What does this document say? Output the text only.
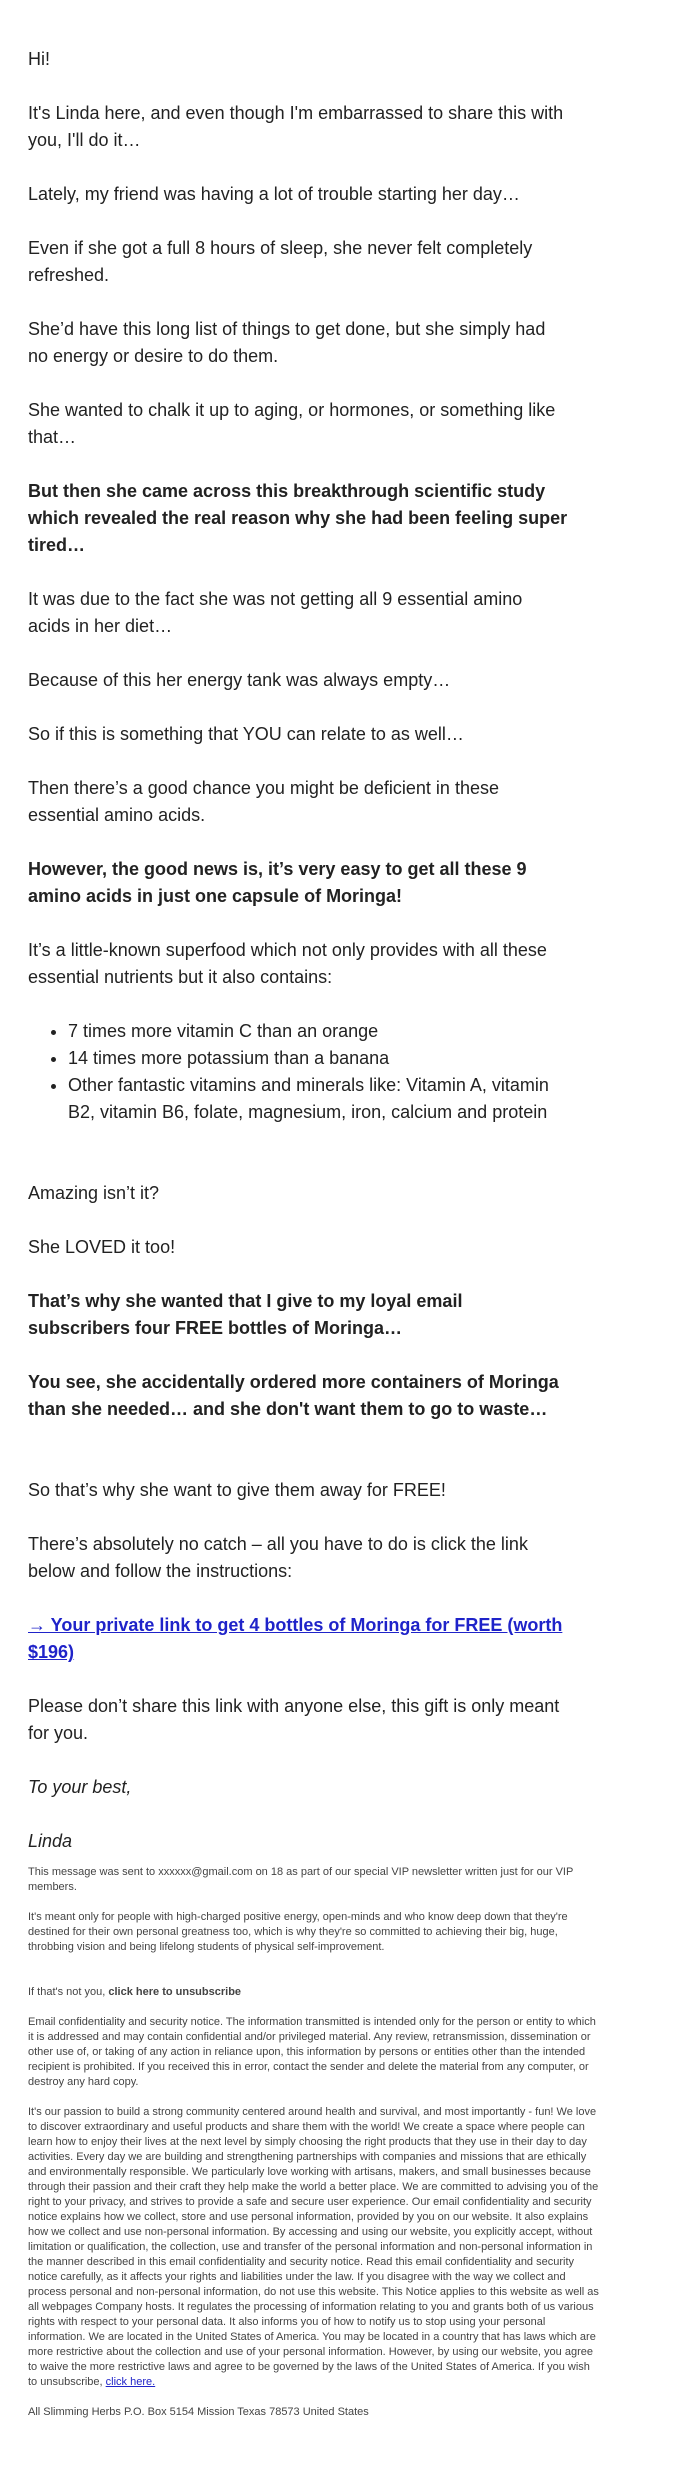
Hi!

It's Linda here, and even though I'm embarrassed to share this with you, I'll do it…

Lately, my friend was having a lot of trouble starting her day…

Even if she got a full 8 hours of sleep, she never felt completely refreshed.

She’d have this long list of things to get done, but she simply had no energy or desire to do them.

She wanted to chalk it up to aging, or hormones, or something like that…

But then she came across this breakthrough scientific study which revealed the real reason why she had been feeling super tired…

It was due to the fact she was not getting all 9 essential amino acids in her diet…

Because of this her energy tank was always empty…

So if this is something that YOU can relate to as well…

Then there’s a good chance you might be deficient in these essential amino acids.

However, the good news is, it’s very easy to get all these 9 amino acids in just one capsule of Moringa!

It’s a little-known superfood which not only provides with all these essential nutrients but it also contains:

• 7 times more vitamin C than an orange
• 14 times more potassium than a banana
• Other fantastic vitamins and minerals like: Vitamin A, vitamin B2, vitamin B6, folate, magnesium, iron, calcium and protein

Amazing isn’t it?

She LOVED it too!

That’s why she wanted that I give to my loyal email subscribers four FREE bottles of Moringa…

You see, she accidentally ordered more containers of Moringa than she needed… and she don't want them to go to waste…

So that’s why she want to give them away for FREE!

There’s absolutely no catch – all you have to do is click the link below and follow the instructions:

→ Your private link to get 4 bottles of Moringa for FREE (worth $196)

Please don’t share this link with anyone else, this gift is only meant for you.

To your best,

Linda

This message was sent to xxxxxx@gmail.com on 18 as part of our special VIP newsletter written just for our VIP members.

It's meant only for people with high-charged positive energy, open-minds and who know deep down that they're destined for their own personal greatness too, which is why they're so committed to achieving their big, huge, throbbing vision and being lifelong students of physical self-improvement.

If that's not you, click here to unsubscribe

Email confidentiality and security notice. The information transmitted is intended only for the person or entity to which it is addressed and may contain confidential and/or privileged material. Any review, retransmission, dissemination or other use of, or taking of any action in reliance upon, this information by persons or entities other than the intended recipient is prohibited. If you received this in error, contact the sender and delete the material from any computer, or destroy any hard copy.

It's our passion to build a strong community centered around health and survival, and most importantly - fun! We love to discover extraordinary and useful products and share them with the world! We create a space where people can learn how to enjoy their lives at the next level by simply choosing the right products that they use in their day to day activities. Every day we are building and strengthening partnerships with companies and missions that are ethically and environmentally responsible. We particularly love working with artisans, makers, and small businesses because through their passion and their craft they help make the world a better place. We are committed to advising you of the right to your privacy, and strives to provide a safe and secure user experience. Our email confidentiality and security notice explains how we collect, store and use personal information, provided by you on our website. It also explains how we collect and use non-personal information. By accessing and using our website, you explicitly accept, without limitation or qualification, the collection, use and transfer of the personal information and non-personal information in the manner described in this email confidentiality and security notice. Read this email confidentiality and security notice carefully, as it affects your rights and liabilities under the law. If you disagree with the way we collect and process personal and non-personal information, do not use this website. This Notice applies to this website as well as all webpages Company hosts. It regulates the processing of information relating to you and grants both of us various rights with respect to your personal data. It also informs you of how to notify us to stop using your personal information. We are located in the United States of America. You may be located in a country that has laws which are more restrictive about the collection and use of your personal information. However, by using our website, you agree to waive the more restrictive laws and agree to be governed by the laws of the United States of America. If you wish to unsubscribe, click here.

All Slimming Herbs P.O. Box 5154 Mission Texas 78573 United States
